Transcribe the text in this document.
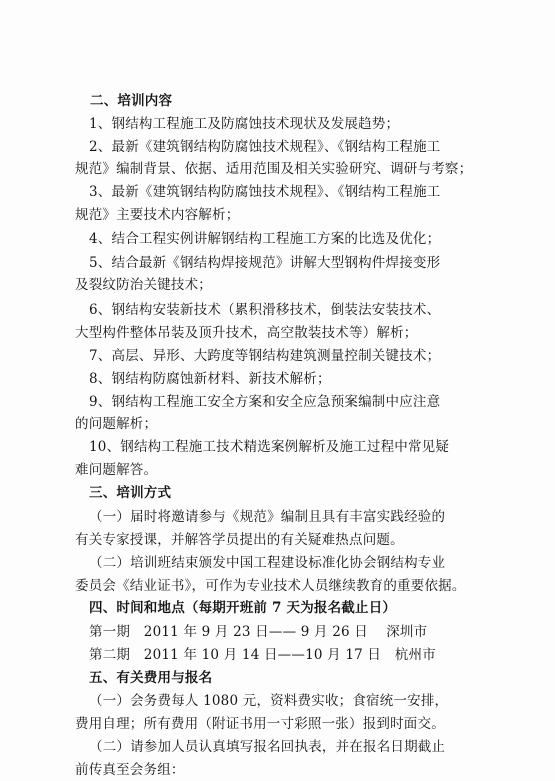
二、培训内容
1、钢结构工程施工及防腐蚀技术现状及发展趋势；
2、最新《建筑钢结构防腐蚀技术规程》、《钢结构工程施工
规范》编制背景、依据、适用范围及相关实验研究、调研与考察；
3、最新《建筑钢结构防腐蚀技术规程》、《钢结构工程施工
规范》主要技术内容解析；
4、结合工程实例讲解钢结构工程施工方案的比选及优化；
5、结合最新《钢结构焊接规范》讲解大型钢构件焊接变形
及裂纹防治关键技术；
6、钢结构安装新技术（累积滑移技术，倒装法安装技术、
大型构件整体吊装及顶升技术，高空散装技术等）解析；
7、高层、异形、大跨度等钢结构建筑测量控制关键技术；
8、钢结构防腐蚀新材料、新技术解析；
9、钢结构工程施工安全方案和安全应急预案编制中应注意
的问题解析；
10、钢结构工程施工技术精选案例解析及施工过程中常见疑
难问题解答。
三、培训方式
（一）届时将邀请参与《规范》编制且具有丰富实践经验的
有关专家授课，并解答学员提出的有关疑难热点问题。
（二）培训班结束颁发中国工程建设标准化协会钢结构专业
委员会《结业证书》，可作为专业技术人员继续教育的重要依据。
四、时间和地点（每期开班前 7 天为报名截止日）
第一期　2011 年 9 月 23 日—— 9 月 26 日　 深圳市
第二期　2011 年 10 月 14 日——10 月 17 日　杭州市
五、有关费用与报名
（一）会务费每人 1080 元，资料费实收；食宿统一安排，
费用自理；所有费用（附证书用一寸彩照一张）报到时面交。
（二）请参加人员认真填写报名回执表，并在报名日期截止
前传真至会务组：
